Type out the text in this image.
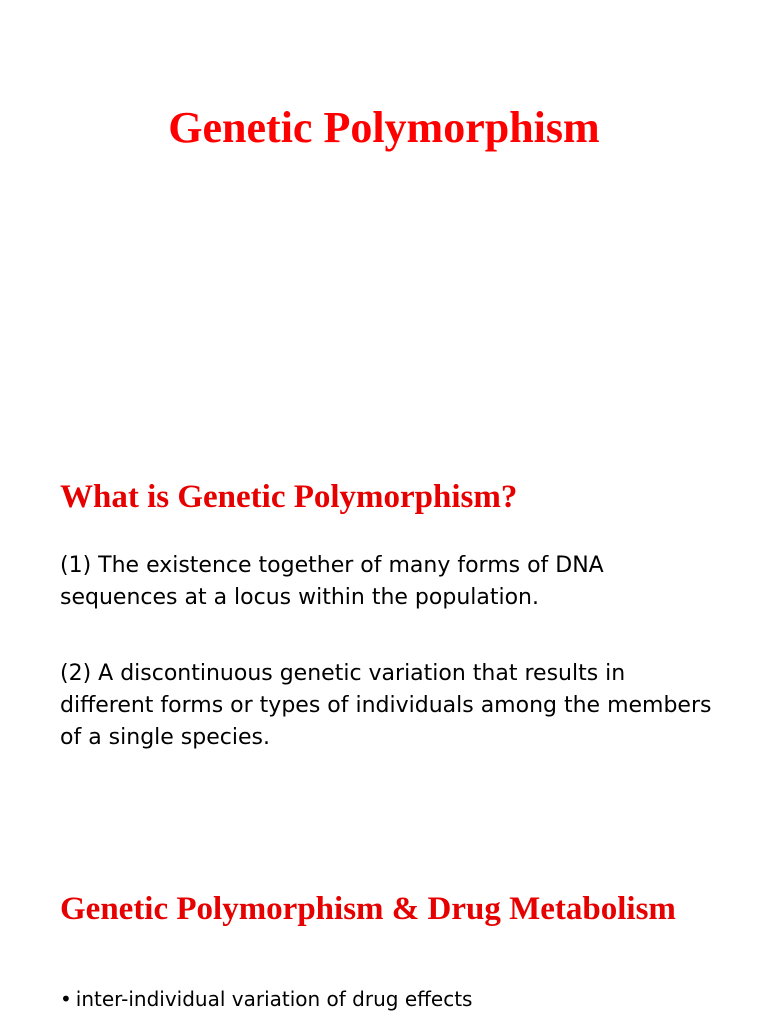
Genetic Polymorphism
What is Genetic Polymorphism?

(1) The existence together of many forms of DNA sequences at a locus within the population.

(2) A discontinuous genetic variation that results in different forms or types of individuals among the members of a single species.

Genetic Polymorphism & Drug Metabolism
• inter-individual variation of drug effects
